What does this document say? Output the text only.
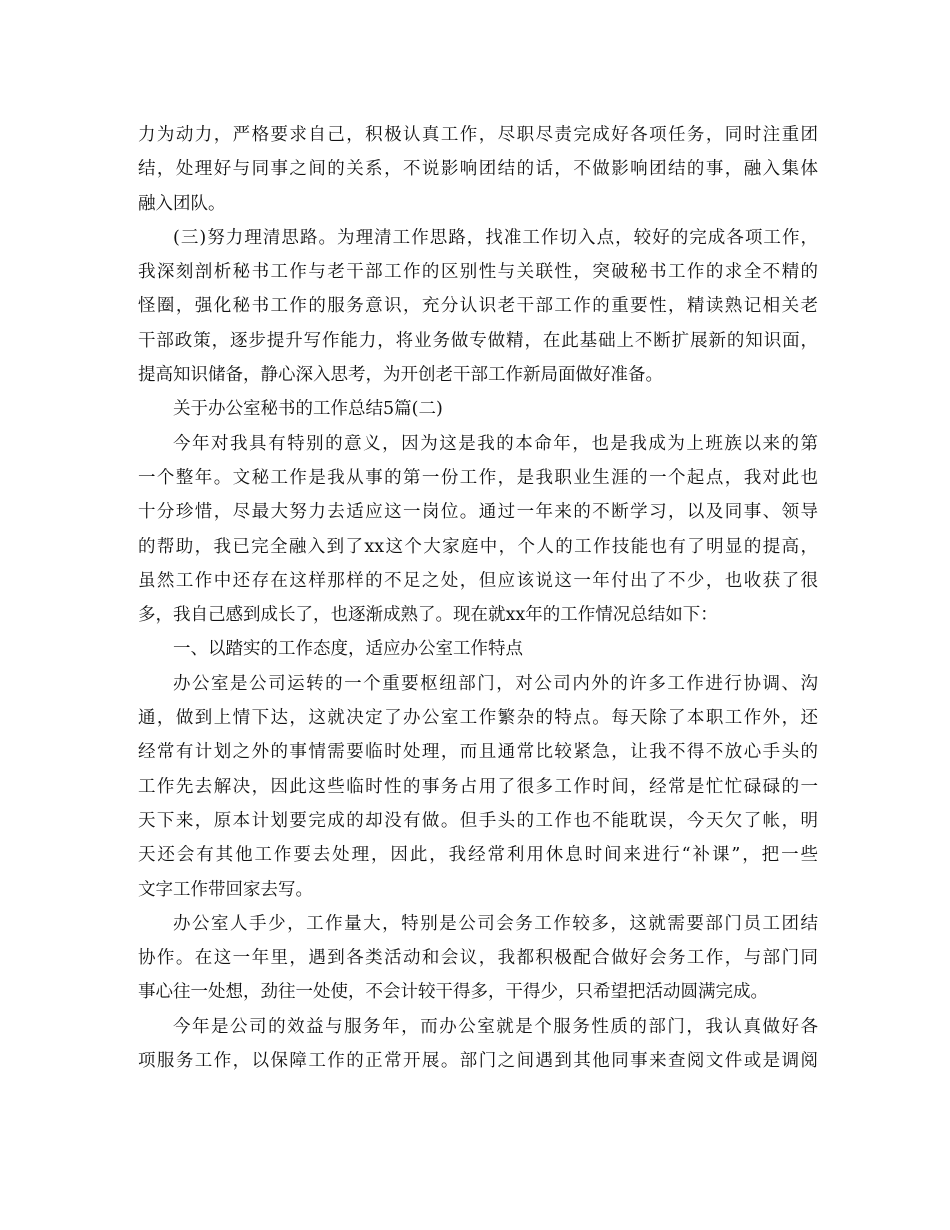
力为动力，严格要求自己，积极认真工作，尽职尽责完成好各项任务，同时注重团
结，处理好与同事之间的关系，不说影响团结的话，不做影响团结的事，融入集体
融入团队。
(三)努力理清思路。为理清工作思路，找准工作切入点，较好的完成各项工作，
我深刻剖析秘书工作与老干部工作的区别性与关联性，突破秘书工作的求全不精的
怪圈，强化秘书工作的服务意识，充分认识老干部工作的重要性，精读熟记相关老
干部政策，逐步提升写作能力，将业务做专做精，在此基础上不断扩展新的知识面，
提高知识储备，静心深入思考，为开创老干部工作新局面做好准备。
关于办公室秘书的工作总结5篇(二)
今年对我具有特别的意义，因为这是我的本命年，也是我成为上班族以来的第
一个整年。文秘工作是我从事的第一份工作，是我职业生涯的一个起点，我对此也
十分珍惜，尽最大努力去适应这一岗位。通过一年来的不断学习，以及同事、领导
的帮助，我已完全融入到了xx这个大家庭中，个人的工作技能也有了明显的提高，
虽然工作中还存在这样那样的不足之处，但应该说这一年付出了不少，也收获了很
多，我自己感到成长了，也逐渐成熟了。现在就xx年的工作情况总结如下：
一、以踏实的工作态度，适应办公室工作特点
办公室是公司运转的一个重要枢纽部门，对公司内外的许多工作进行协调、沟
通，做到上情下达，这就决定了办公室工作繁杂的特点。每天除了本职工作外，还
经常有计划之外的事情需要临时处理，而且通常比较紧急，让我不得不放心手头的
工作先去解决，因此这些临时性的事务占用了很多工作时间，经常是忙忙碌碌的一
天下来，原本计划要完成的却没有做。但手头的工作也不能耽误，今天欠了帐，明
天还会有其他工作要去处理，因此，我经常利用休息时间来进行“补课”，把一些
文字工作带回家去写。
办公室人手少，工作量大，特别是公司会务工作较多，这就需要部门员工团结
协作。在这一年里，遇到各类活动和会议，我都积极配合做好会务工作，与部门同
事心往一处想，劲往一处使，不会计较干得多，干得少，只希望把活动圆满完成。
今年是公司的效益与服务年，而办公室就是个服务性质的部门，我认真做好各
项服务工作，以保障工作的正常开展。部门之间遇到其他同事来查阅文件或是调阅
